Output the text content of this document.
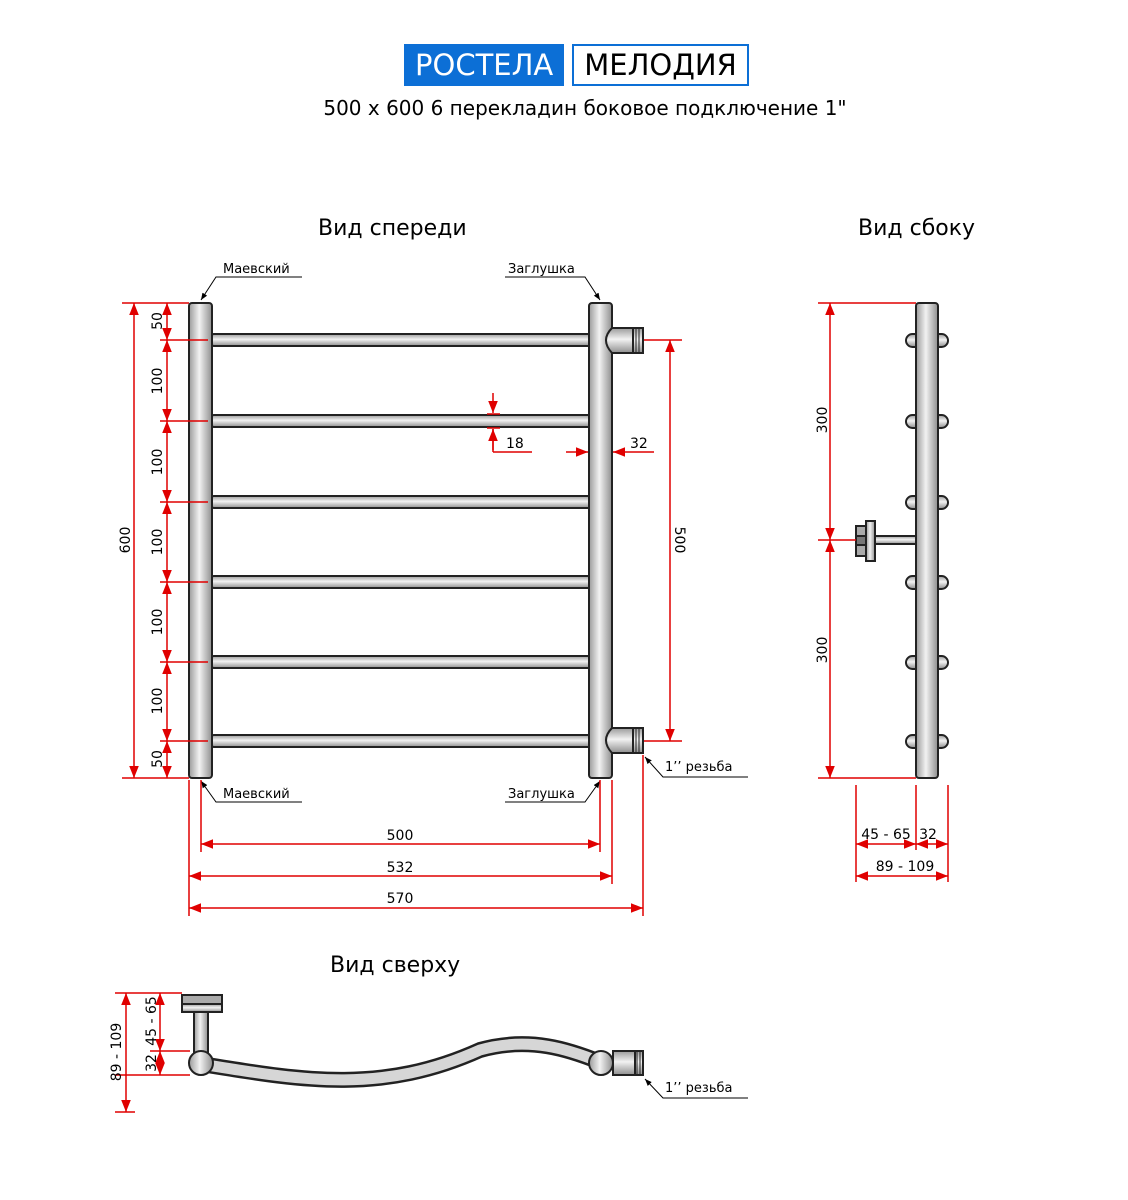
РОСТЕЛА	МЕЛОДИЯ
500 x 600 6 перекладин боковое подключение 1"
Вид спереди	Вид сбоку
Вид сверху
Маевский	Заглушка
Маевский	Заглушка
1’’ резьба
600
50
100
100
100
100
100
50
500
18	32
500
532
570
300
300
45 - 65 32
89 - 109
1’’ резьба
89 - 109
45 - 65
32
